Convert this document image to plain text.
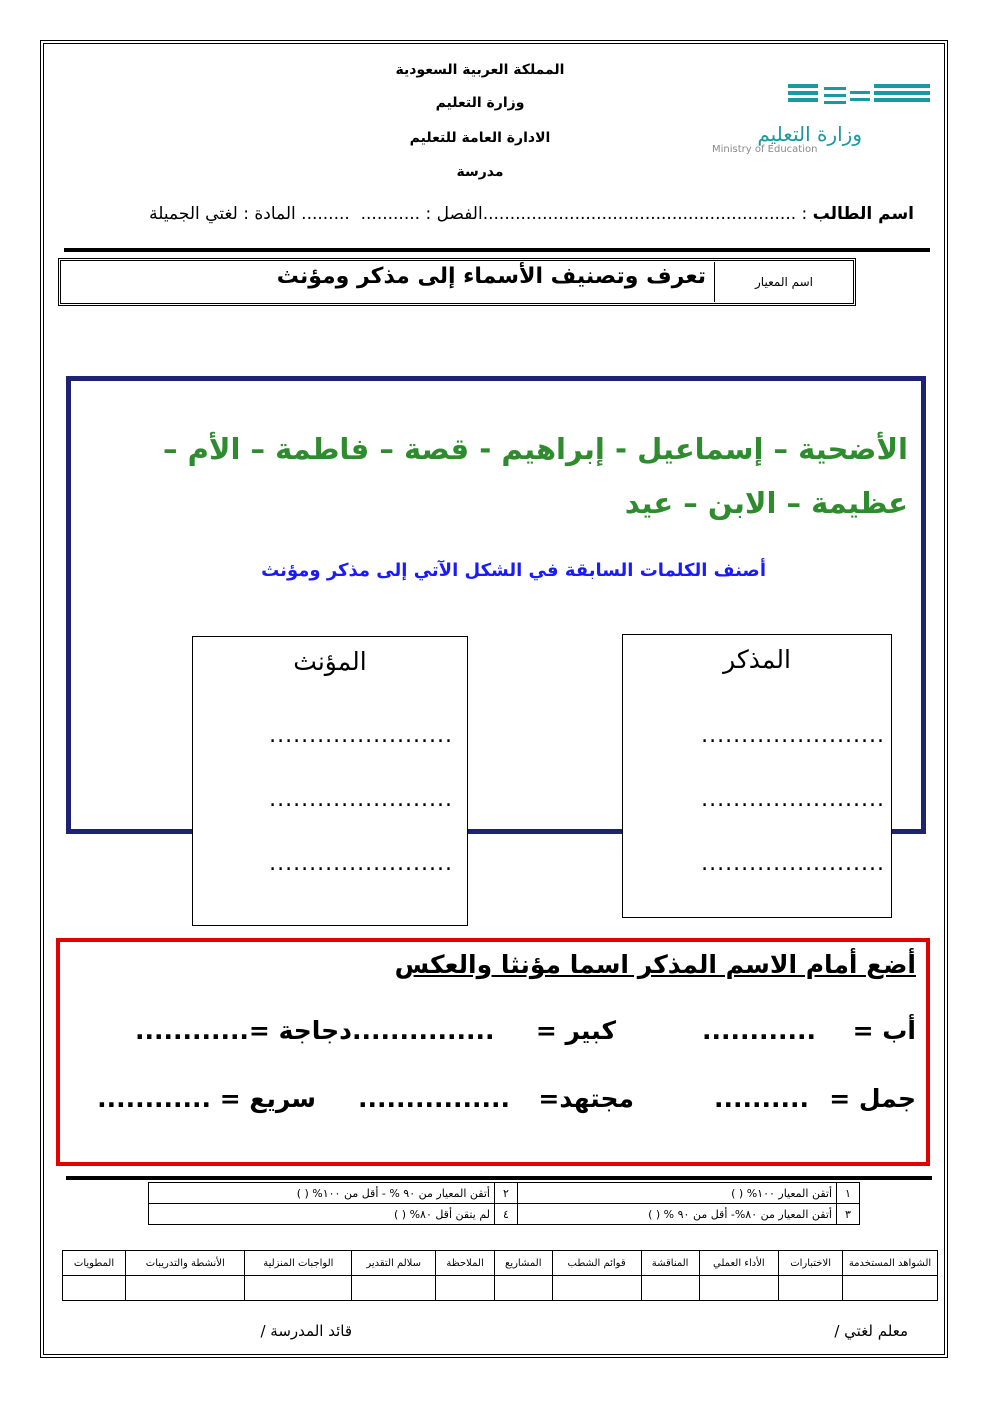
المملكة العربية السعودية
وزارة التعليم
الادارة العامة للتعليم
مدرسة
وزارة التعليم
Ministry of Education
اسم الطالب : ..........................................................الفصل : ...........  ......... المادة : لغتي الجميلة
اسم المعيار
تعرف وتصنيف الأسماء إلى مذكر ومؤنث
الأضحية – إسماعيل - إبراهيم - قصة – فاطمة – الأم –
عظيمة – الابن – عيد
أصنف الكلمات السابقة في الشكل الآتي إلى مذكر ومؤنث
المذكر
.......................
.......................
.......................
المؤنث
.......................
.......................
.......................
أضع أمام الاسم المذكر اسما مؤنثا والعكس
أب =
............
كبير =
...............
دجاجة =............
جمل =
..........
مجتهد=
................
سريع = ............
١	أتقن المعيار ١٠٠% ( )	٢	أتقن المعيار من ٩٠ % - أقل من ١٠٠% ( )
٣	أتقن المعيار من ٨٠%- أقل من ٩٠ % ( )	٤	لم يتقن أقل ٨٠% ( )
الشواهد المستخدمة	الاختبارات	الأداء العملي	المناقشة	قوائم الشطب	المشاريع	الملاحظة	سلالم التقدير	الواجبات المنزلية	الأنشطة والتدريبات	المطويات

معلم لغتي /
قائد المدرسة /
